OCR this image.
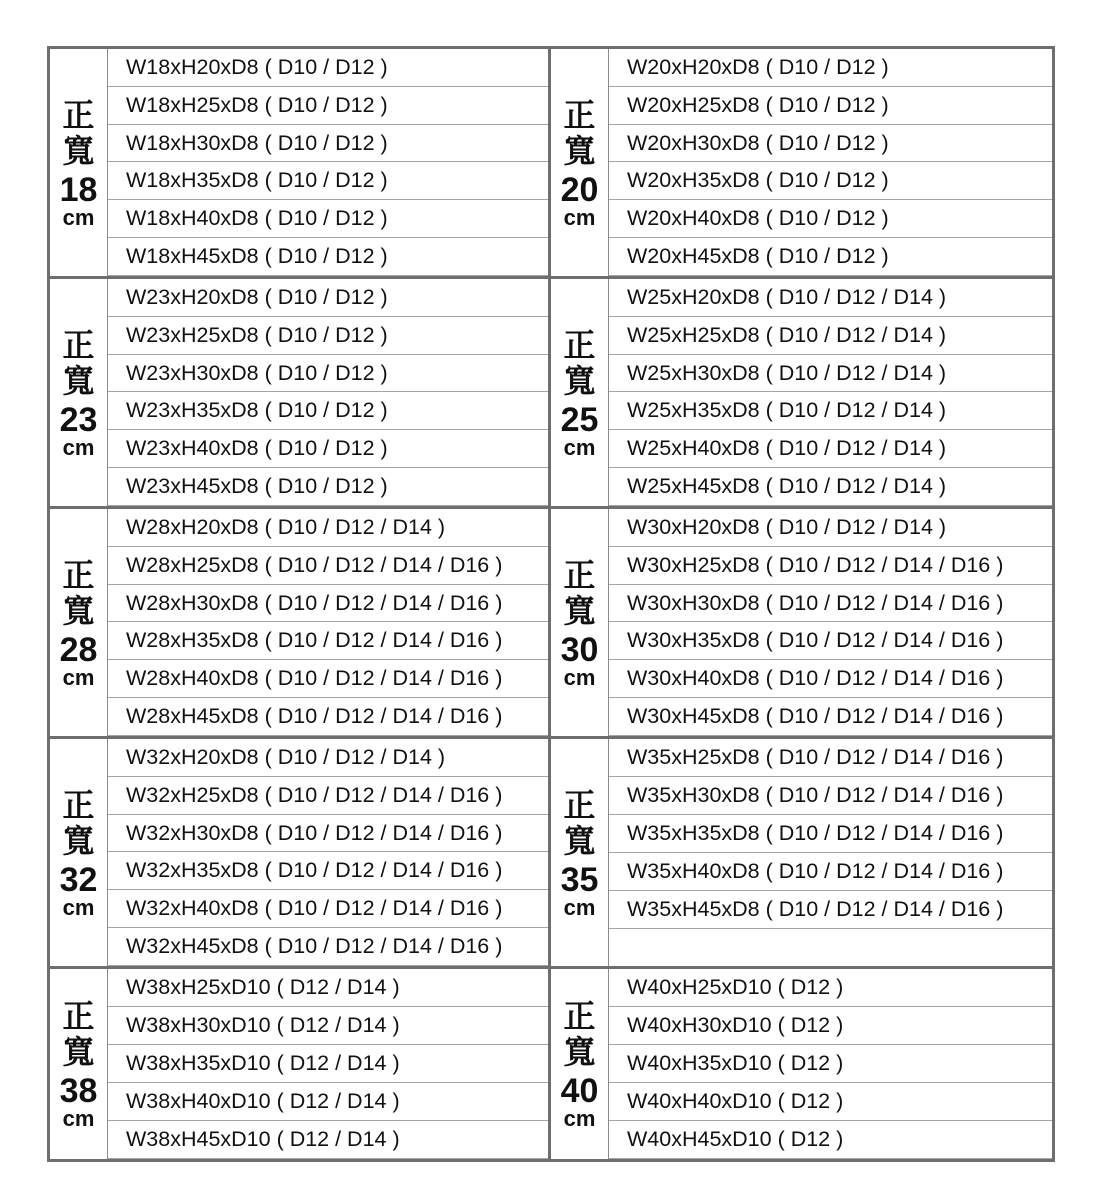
正
寬
18
cm
W18xH20xD8 ( D10 / D12 )
W18xH25xD8 ( D10 / D12 )
W18xH30xD8 ( D10 / D12 )
W18xH35xD8 ( D10 / D12 )
W18xH40xD8 ( D10 / D12 )
W18xH45xD8 ( D10 / D12 )
正
寬
20
cm
W20xH20xD8 ( D10 / D12 )
W20xH25xD8 ( D10 / D12 )
W20xH30xD8 ( D10 / D12 )
W20xH35xD8 ( D10 / D12 )
W20xH40xD8 ( D10 / D12 )
W20xH45xD8 ( D10 / D12 )
正
寬
23
cm
W23xH20xD8 ( D10 / D12 )
W23xH25xD8 ( D10 / D12 )
W23xH30xD8 ( D10 / D12 )
W23xH35xD8 ( D10 / D12 )
W23xH40xD8 ( D10 / D12 )
W23xH45xD8 ( D10 / D12 )
正
寬
25
cm
W25xH20xD8 ( D10 / D12 / D14 )
W25xH25xD8 ( D10 / D12 / D14 )
W25xH30xD8 ( D10 / D12 / D14 )
W25xH35xD8 ( D10 / D12 / D14 )
W25xH40xD8 ( D10 / D12 / D14 )
W25xH45xD8 ( D10 / D12 / D14 )
正
寬
28
cm
W28xH20xD8 ( D10 / D12 / D14 )
W28xH25xD8 ( D10 / D12 / D14 / D16 )
W28xH30xD8 ( D10 / D12 / D14 / D16 )
W28xH35xD8 ( D10 / D12 / D14 / D16 )
W28xH40xD8 ( D10 / D12 / D14 / D16 )
W28xH45xD8 ( D10 / D12 / D14 / D16 )
正
寬
30
cm
W30xH20xD8 ( D10 / D12 / D14 )
W30xH25xD8 ( D10 / D12 / D14 / D16 )
W30xH30xD8 ( D10 / D12 / D14 / D16 )
W30xH35xD8 ( D10 / D12 / D14 / D16 )
W30xH40xD8 ( D10 / D12 / D14 / D16 )
W30xH45xD8 ( D10 / D12 / D14 / D16 )
正
寬
32
cm
W32xH20xD8 ( D10 / D12 / D14 )
W32xH25xD8 ( D10 / D12 / D14 / D16 )
W32xH30xD8 ( D10 / D12 / D14 / D16 )
W32xH35xD8 ( D10 / D12 / D14 / D16 )
W32xH40xD8 ( D10 / D12 / D14 / D16 )
W32xH45xD8 ( D10 / D12 / D14 / D16 )
正
寬
35
cm
W35xH25xD8 ( D10 / D12 / D14 / D16 )
W35xH30xD8 ( D10 / D12 / D14 / D16 )
W35xH35xD8 ( D10 / D12 / D14 / D16 )
W35xH40xD8 ( D10 / D12 / D14 / D16 )
W35xH45xD8 ( D10 / D12 / D14 / D16 )
正
寬
38
cm
W38xH25xD10 ( D12 / D14 )
W38xH30xD10 ( D12 / D14 )
W38xH35xD10 ( D12 / D14 )
W38xH40xD10 ( D12 / D14 )
W38xH45xD10 ( D12 / D14 )
正
寬
40
cm
W40xH25xD10 ( D12 )
W40xH30xD10 ( D12 )
W40xH35xD10 ( D12 )
W40xH40xD10 ( D12 )
W40xH45xD10 ( D12 )
